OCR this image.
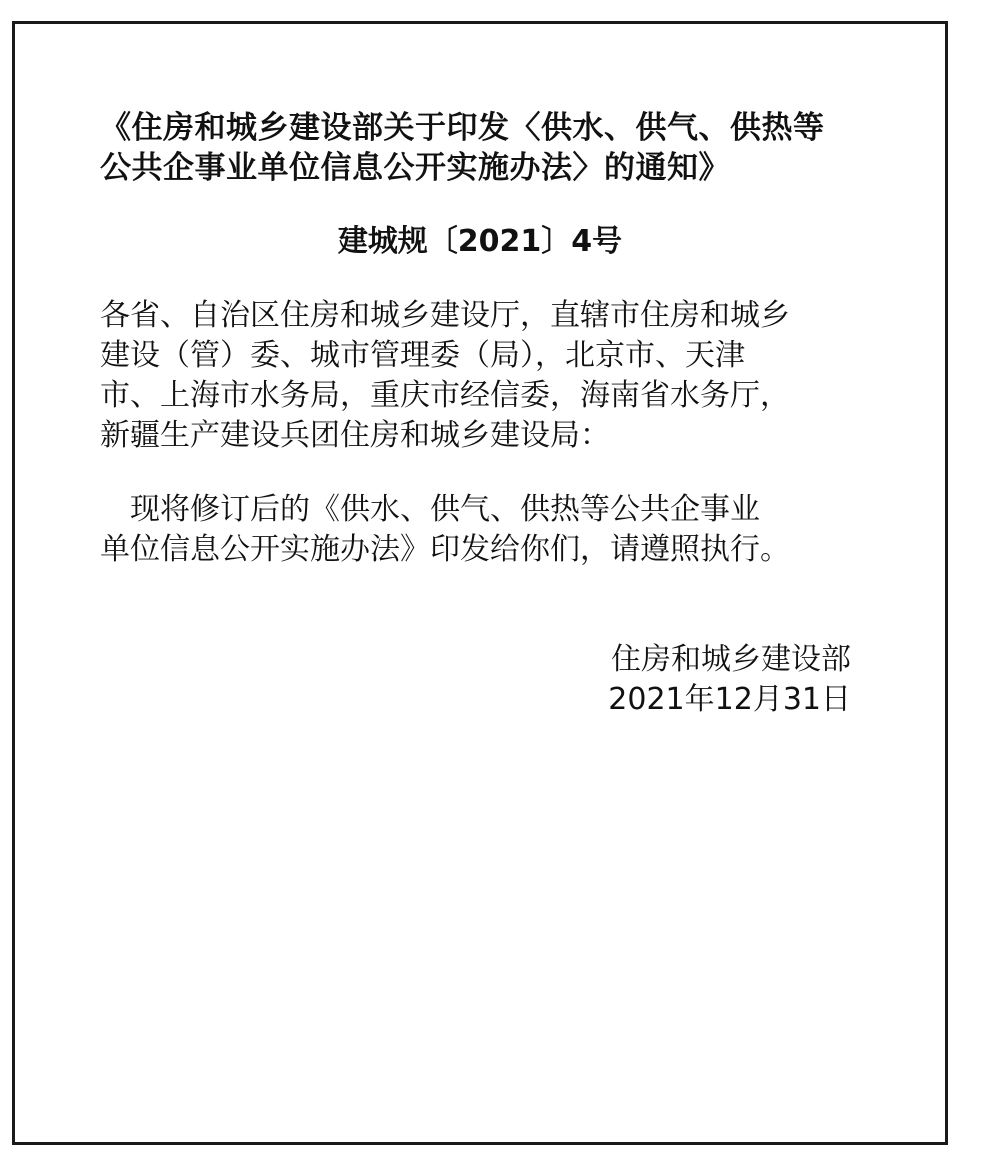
《住房和城乡建设部关于印发〈供水、供气、供热等
公共企事业单位信息公开实施办法〉的通知》

建城规〔2021〕4号

各省、自治区住房和城乡建设厅，直辖市住房和城乡
建设（管）委、城市管理委（局），北京市、天津
市、上海市水务局，重庆市经信委，海南省水务厅，
新疆生产建设兵团住房和城乡建设局：

　现将修订后的《供水、供气、供热等公共企事业
单位信息公开实施办法》印发给你们，请遵照执行。

住房和城乡建设部
2021年12月31日
